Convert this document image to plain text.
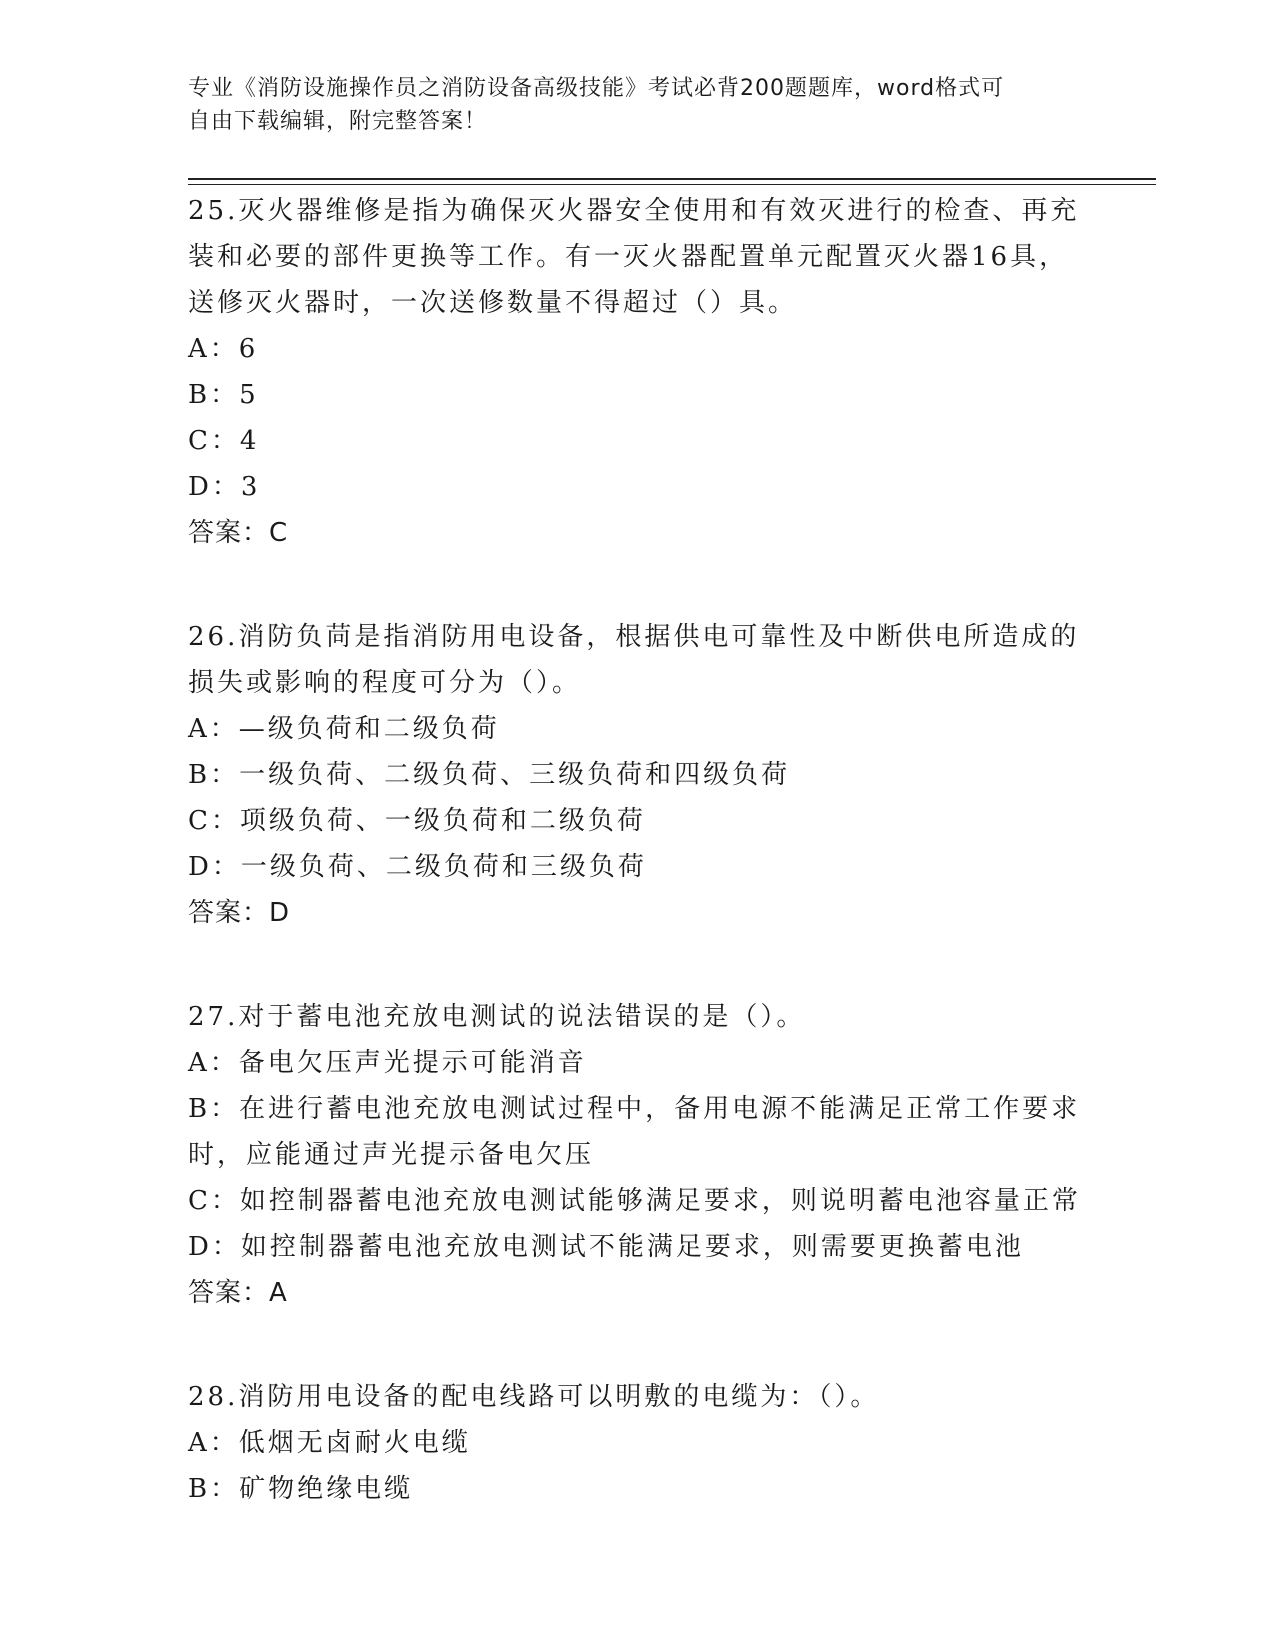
专业《消防设施操作员之消防设备高级技能》考试必背200题题库，word格式可
自由下载编辑，附完整答案！
25.灭火器维修是指为确保灭火器安全使用和有效灭进行的检查、再充
装和必要的部件更换等工作。有一灭火器配置单元配置灭火器16具，
送修灭火器时，一次送修数量不得超过（）具。
A：6
B：5
C：4
D：3
答案：C
26.消防负苘是指消防用电设备，根据供电可靠性及中断供电所造成的
损失或影响的程度可分为（）。
A：—级负荷和二级负荷
B：一级负荷、二级负荷、三级负荷和四级负荷
C：项级负荷、一级负荷和二级负荷
D：一级负荷、二级负荷和三级负荷
答案：D
27.对于蓄电池充放电测试的说法错误的是（）。
A：备电欠压声光提示可能消音
B：在进行蓄电池充放电测试过程中，备用电源不能满足正常工作要求
时，应能通过声光提示备电欠压
C：如控制器蓄电池充放电测试能够满足要求，则说明蓄电池容量正常
D：如控制器蓄电池充放电测试不能满足要求，则需要更换蓄电池
答案：A
28.消防用电设备的配电线路可以明敷的电缆为：（）。
A：低烟无卤耐火电缆
B：矿物绝缘电缆
